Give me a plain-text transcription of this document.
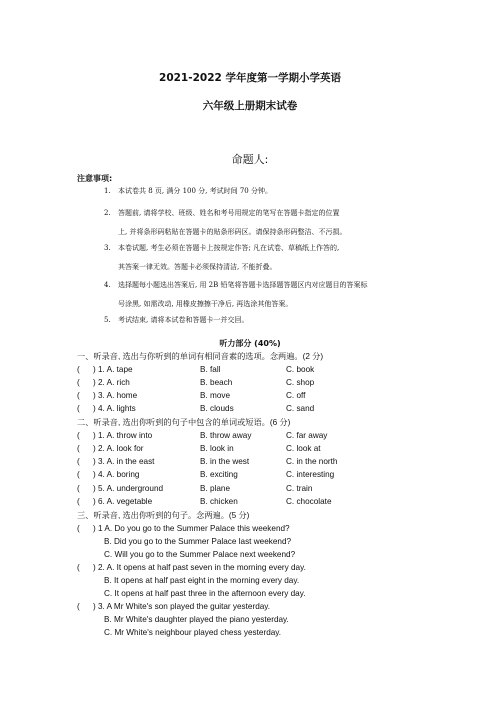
2021-2022 学年度第一学期小学英语
六年级上册期末试卷
命题人:
注意事项:
1.	本试卷共 8 页, 满分 100 分, 考试时间 70 分钟。
2.	答题前, 请将学校、班级、姓名和考号用规定的笔写在答题卡指定的位置
上, 并将条形码粘贴在答题卡的贴条形码区。请保持条形码整洁、不污损。
3.	本卷试题, 考生必须在答题卡上按规定作答; 凡在试卷、草稿纸上作答的,
其答案一律无效。答题卡必须保持清洁, 不能折叠。
4.	选择题每小题选出答案后, 用 2B 铅笔将答题卡选择题答题区内对应题目的答案标
号涂黑, 如需改动, 用橡皮擦擦干净后, 再选涂其他答案。
5.	考试结束, 请将本试卷和答题卡一并交回。
听力部分 (40%)
一、听录音, 选出与你听到的单词有相同音素的选项。念两遍。(2 分)
( ) 1. A. tape	B. fall	C. book
( ) 2. A. rich	B. beach	C. shop
( ) 3. A. home	B. move	C. off
( ) 4. A. lights	B. clouds	C. sand
二、听录音, 选出你听到的句子中包含的单词或短语。(6 分)
( ) 1. A. throw into	B. throw away	C. far away
( ) 2. A. look for	B. look in	C. look at
( ) 3. A. in the east	B. in the west	C. in the north
( ) 4. A. boring	B. exciting	C. interesting
( ) 5. A. underground	B. plane	C. train
( ) 6. A. vegetable	B. chicken	C. chocolate
三、听录音, 选出你听到的句子。念两遍。(5 分)
( ) 1 A. Do you go to the Summer Palace this weekend?
B. Did you go to the Summer Palace last weekend?
C. Will you go to the Summer Palace next weekend?
( ) 2. A. It opens at half past seven in the morning every day.
B. It opens at half past eight in the morning every day.
C. It opens at half past three in the afternoon every day.
( ) 3. A Mr White's son played the guitar yesterday.
B. Mr White's daughter played the piano yesterday.
C. Mr White's neighbour played chess yesterday.
